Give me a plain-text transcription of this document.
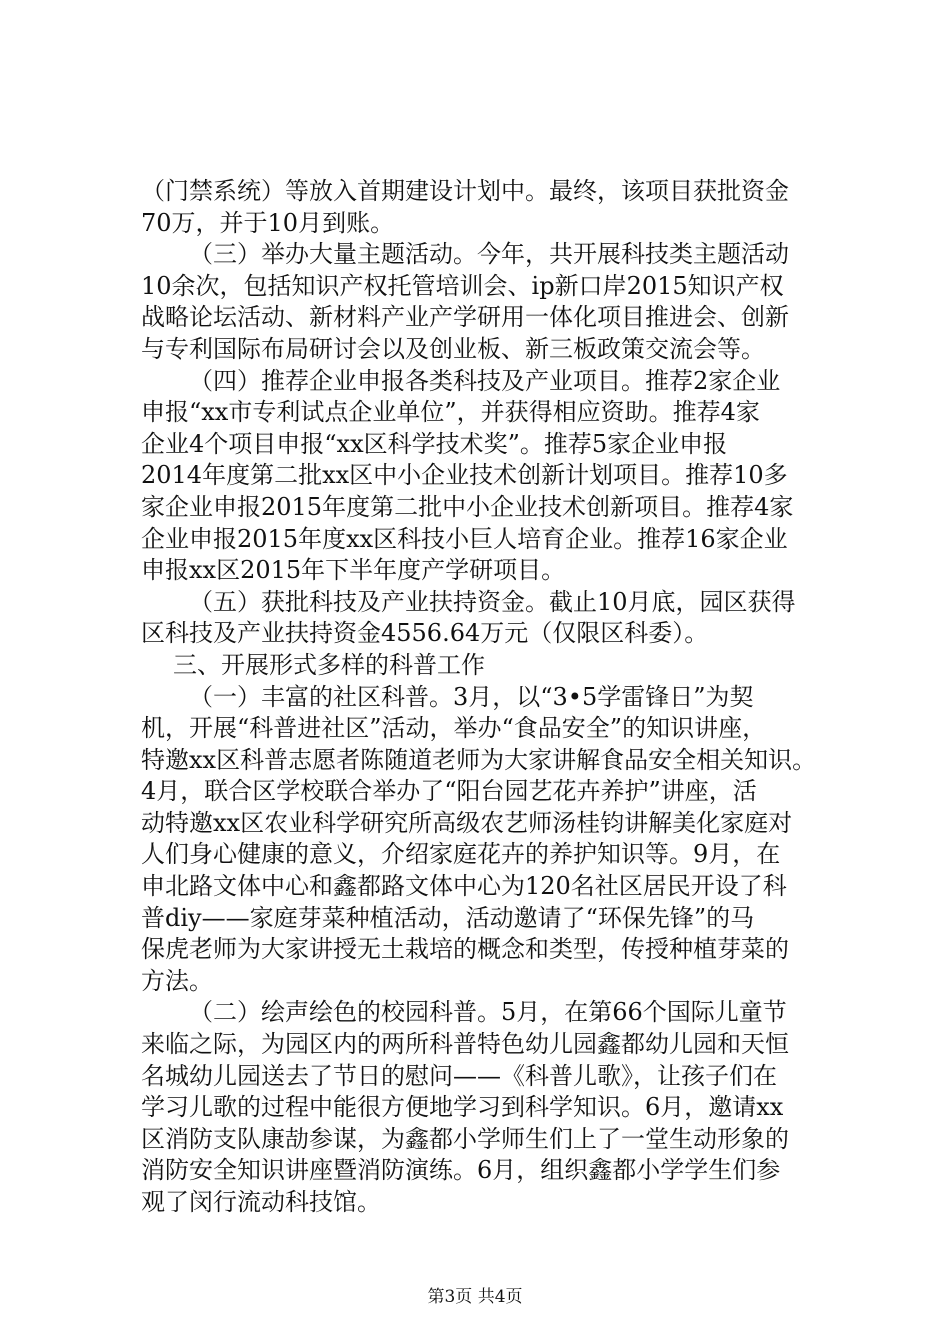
（门禁系统）等放入首期建设计划中。最终，该项目获批资金
70万，并于10月到账。
（三）举办大量主题活动。今年，共开展科技类主题活动
10余次，包括知识产权托管培训会、ip新口岸2015知识产权
战略论坛活动、新材料产业产学研用一体化项目推进会、创新
与专利国际布局研讨会以及创业板、新三板政策交流会等。
（四）推荐企业申报各类科技及产业项目。推荐2家企业
申报“xx市专利试点企业单位”，并获得相应资助。推荐4家
企业4个项目申报“xx区科学技术奖”。推荐5家企业申报
2014年度第二批xx区中小企业技术创新计划项目。推荐10多
家企业申报2015年度第二批中小企业技术创新项目。推荐4家
企业申报2015年度xx区科技小巨人培育企业。推荐16家企业
申报xx区2015年下半年度产学研项目。
（五）获批科技及产业扶持资金。截止10月底，园区获得
区科技及产业扶持资金4556.64万元（仅限区科委）。
三、开展形式多样的科普工作
（一）丰富的社区科普。3月，以“3•5学雷锋日”为契
机，开展“科普进社区”活动，举办“食品安全”的知识讲座，
特邀xx区科普志愿者陈随道老师为大家讲解食品安全相关知识。
4月，联合区学校联合举办了“阳台园艺花卉养护”讲座，活
动特邀xx区农业科学研究所高级农艺师汤桂钧讲解美化家庭对
人们身心健康的意义，介绍家庭花卉的养护知识等。9月，在
申北路文体中心和鑫都路文体中心为120名社区居民开设了科
普diy——家庭芽菜种植活动，活动邀请了“环保先锋”的马
保虎老师为大家讲授无土栽培的概念和类型，传授种植芽菜的
方法。
（二）绘声绘色的校园科普。5月，在第66个国际儿童节
来临之际，为园区内的两所科普特色幼儿园鑫都幼儿园和天恒
名城幼儿园送去了节日的慰问——《科普儿歌》，让孩子们在
学习儿歌的过程中能很方便地学习到科学知识。6月，邀请xx
区消防支队康劼参谋，为鑫都小学师生们上了一堂生动形象的
消防安全知识讲座暨消防演练。6月，组织鑫都小学学生们参
观了闵行流动科技馆。
第3页 共4页
